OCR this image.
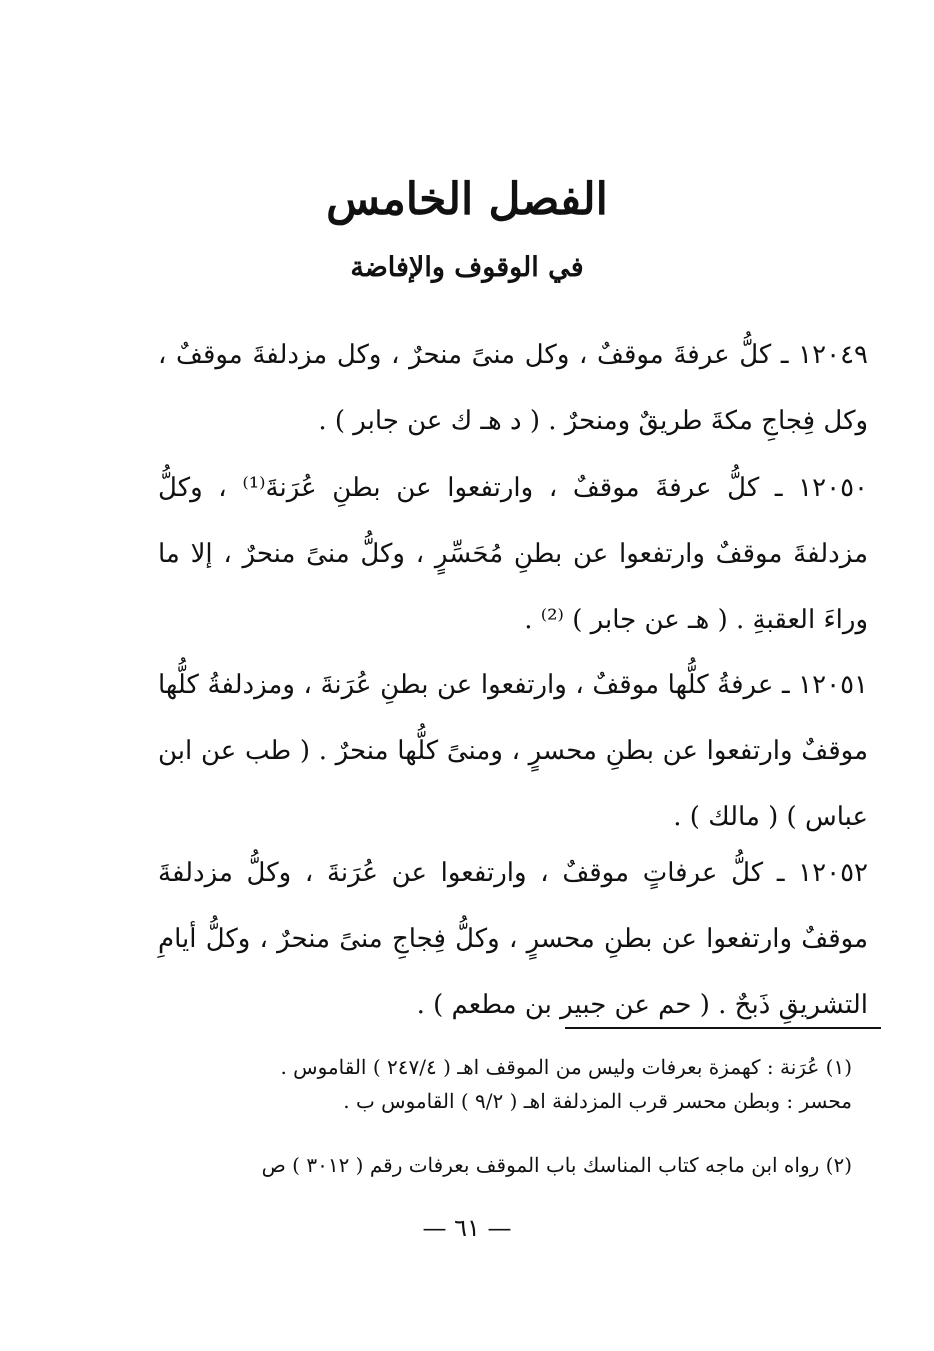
الفصل الخامس
في الوقوف والإفاضة

١٢٠٤٩ ـ كلُّ عرفةَ موقفٌ ، وكل منىً منحرٌ ، وكل مزدلفةَ موقفٌ ، وكل فِجاجِ مكةَ طريقٌ ومنحرٌ . ( د هـ ك عن جابر ) .

١٢٠٥٠ ـ كلُّ عرفةَ موقفٌ ، وارتفعوا عن بطنِ عُرَنةَ⁽¹⁾ ، وكلُّ مزدلفةَ موقفٌ وارتفعوا عن بطنِ مُحَسِّرٍ ، وكلُّ منىً منحرٌ ، إلا ما وراءَ العقبةِ . ( هـ عن جابر ) ⁽²⁾ .

١٢٠٥١ ـ عرفةُ كلُّها موقفٌ ، وارتفعوا عن بطنِ عُرَنةَ ، ومزدلفةُ كلُّها موقفٌ وارتفعوا عن بطنِ محسرٍ ، ومنىً كلُّها منحرٌ . ( طب عن ابن عباس ) ( مالك ) .

١٢٠٥٢ ـ كلُّ عرفاتٍ موقفٌ ، وارتفعوا عن عُرَنةَ ، وكلُّ مزدلفةَ موقفٌ وارتفعوا عن بطنِ محسرٍ ، وكلُّ فِجاجِ منىً منحرٌ ، وكلُّ أيامِ التشريقِ ذَبحٌ . ( حم عن جبير بن مطعم ) .

(١) عُرَنة : كهمزة بعرفات وليس من الموقف اهـ ( ٢٤٧/٤ ) القاموس .
محسر : وبطن محسر قرب المزدلفة اهـ ( ٩/٢ ) القاموس ب .

(٢) رواه ابن ماجه كتاب المناسك باب الموقف بعرفات رقم ( ٣٠١٢ ) ص

— ٦١ —
